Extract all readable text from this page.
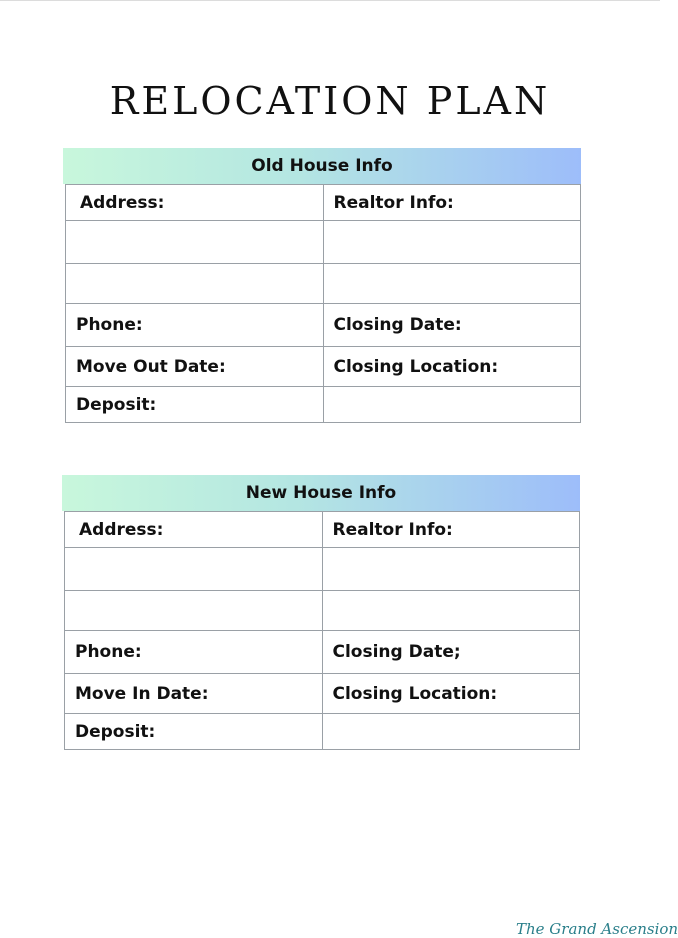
RELOCATION PLAN
Old House Info
Address:	Realtor Info:

Phone:	Closing Date:
Move Out Date:	Closing Location:
Deposit:	
New House Info
Address:	Realtor Info:

Phone:	Closing Date;
Move In Date:	Closing Location:
Deposit:	
The Grand Ascension
